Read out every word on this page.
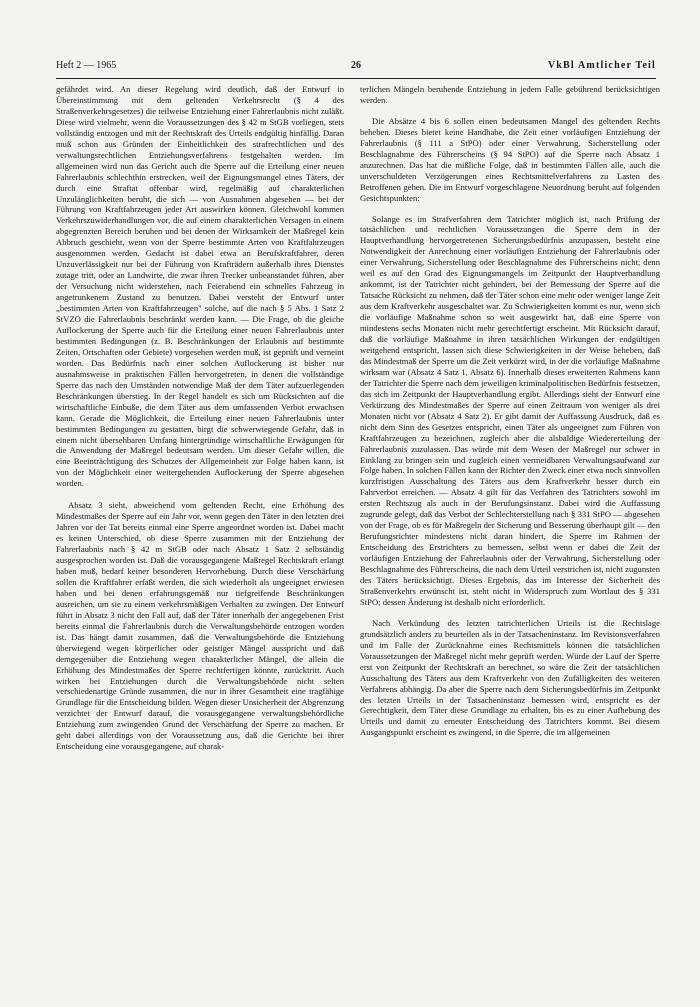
Heft 2 — 1965	26	VkBl Amtlicher Teil

gefährdet wird. An dieser Regelung wird deutlich, daß der Entwurf in Übereinstimmung mit dem geltenden Verkehrsrecht (§ 4 des Straßenverkehrsgesetzes) die teilweise Entziehung einer Fahrerlaubnis nicht zuläßt. Diese wird vielmehr, wenn die Voraussetzungen des § 42 m StGB vorliegen, stets vollständig entzogen und mit der Rechtskraft des Urteils endgültig hinfällig. Daran muß schon aus Gründen der Einheitlichkeit des strafrechtlichen und des verwaltungsrechtlichen Entziehungsverfahrens festgehalten werden. Im allgemeinen wird nun das Gericht auch die Sperre auf die Erteilung einer neuen Fahrerlaubnis schlechthin erstrecken, weil der Eignungsmangel eines Täters, der durch eine Straftat offenbar wird, regelmäßig auf charakterlichen Unzulänglichkeiten beruht, die sich — von Ausnahmen abgesehen — bei der Führung von Kraftfahrzeugen jeder Art auswirken können. Gleichwohl kommen Verkehrszuwiderhandlungen vor, die auf einem charakterlichen Versagen in einem abgegrenzten Bereich beruhen und bei denen der Wirksamkeit der Maßregel kein Abbruch geschieht, wenn von der Sperre bestimmte Arten von Kraftfahrzeugen ausgenommen werden. Gedacht ist dabei etwa an Berufskraftfahrer, deren Unzuverlässigkeit nur bei der Führung von Krafträdern außerhalb ihres Dienstes zutage tritt, oder an Landwirte, die zwar ihren Trecker unbeanstandet führen, aber der Versuchung nicht widerstehen, nach Feierabend ein schnelles Fahrzeug in angetrunkenem Zustand zu benutzen. Dabei versteht der Entwurf unter „bestimmten Arten von Kraftfahrzeugen" solche, auf die nach § 5 Abs. 1 Satz 2 StVZO die Fahrerlaubnis beschränkt werden kann. — Die Frage, ob die gleiche Auflockerung der Sperre auch für die Erteilung einer neuen Fahrerlaubnis unter bestimmten Bedingungen (z. B. Beschränkungen der Erlaubnis auf bestimmte Zeiten, Ortschaften oder Gebiete) vorgesehen werden muß, ist geprüft und verneint worden. Das Bedürfnis nach einer solchen Auflockerung ist bisher nur ausnahmsweise in praktischen Fällen hervorgetreten, in denen die vollständige Sperre das nach den Umständen notwendige Maß der dem Täter aufzuerlegenden Beschränkungen überstieg. In der Regel handelt es sich um Rücksichten auf die wirtschaftliche Einbuße, die dem Täter aus dem umfassenden Verbot erwachsen kann. Gerade die Möglichkeit, die Erteilung einer neuen Fahrerlaubnis unter bestimmten Bedingungen zu gestatten, birgt die schwerwiegende Gefahr, daß in einem nicht übersehbaren Umfang hintergründige wirtschaftliche Erwägungen für die Anwendung der Maßregel bedeutsam werden. Um dieser Gefahr willen, die eine Beeinträchtigung des Schutzes der Allgemeinheit zur Folge haben kann, ist von der Möglichkeit einer weitergehenden Auflockerung der Sperre abgesehen worden.

Absatz 3 sieht, abweichend vom geltenden Recht, eine Erhöhung des Mindestmaßes der Sperre auf ein Jahr vor, wenn gegen den Täter in den letzten drei Jahren vor der Tat bereits einmal eine Sperre angeordnet worden ist. Dabei macht es keinen Unterschied, ob diese Sperre zusammen mit der Entziehung der Fahrerlaubnis nach § 42 m StGB oder nach Absatz 1 Satz 2 selbständig ausgesprochen worden ist. Daß die vorausgegangene Maßregel Rechtskraft erlangt haben muß, bedarf keiner besonderen Hervorhebung. Durch diese Verschärfung sollen die Kraftfahrer erfaßt werden, die sich wiederholt als ungeeignet erwiesen haben und bei denen erfahrungsgemäß nur tiefgreifende Beschränkungen ausreichen, um sie zu einem verkehrsmäßigen Verhalten zu zwingen. Der Entwurf führt in Absatz 3 nicht den Fall auf, daß der Täter innerhalb der angegebenen Frist bereits einmal die Fahrerlaubnis durch die Verwaltungsbehörde entzogen worden ist. Das hängt damit zusammen, daß die Verwaltungsbehörde die Entziehung überwiegend wegen körperlicher oder geistiger Mängel ausspricht und daß demgegenüber die Entziehung wegen charakterlicher Mängel, die allein die Erhöhung des Mindestmaßes der Sperre rechtfertigen könnte, zurücktritt. Auch wirken bei Entziehungen durch die Verwaltungsbehörde nicht selten verschiedenartige Gründe zusammen, die nur in ihrer Gesamtheit eine tragfähige Grundlage für die Entscheidung bilden. Wegen dieser Unsicherheit der Abgrenzung verzichtet der Entwurf darauf, die vorausgegangene verwaltungsbehördliche Entziehung zum zwingenden Grund der Verschärfung der Sperre zu machen. Er geht dabei allerdings von der Voraussetzung aus, daß die Gerichte bei ihrer Entscheidung eine vorausgegangene, auf charak-

terlichen Mängeln beruhende Entziehung in jedem Falle gebührend berücksichtigen werden.

Die Absätze 4 bis 6 sollen einen bedeutsamen Mangel des geltenden Rechts beheben. Dieses bietet keine Handhabe, die Zeit einer vorläufigen Entziehung der Fahrerlaubnis (§ 111 a StPO) oder einer Verwahrung, Sicherstellung oder Beschlagnahme des Führerscheins (§ 94 StPO) auf die Sperre nach Absatz 1 anzurechnen. Das hat die mißliche Folge, daß in bestimmten Fällen alle, auch die unverschuldeten Verzögerungen eines Rechtsmittelverfahrens zu Lasten des Betroffenen gehen. Die im Entwurf vorgeschlagene Neuordnung beruht auf folgenden Gesichtspunkten:

Solange es im Strafverfahren dem Tatrichter möglich ist, nach Prüfung der tatsächlichen und rechtlichen Voraussetzungen die Sperre dem in der Hauptverhandlung hervorgetretenen Sicherungsbedürfnis anzupassen, besteht eine Notwendigkeit der Anrechnung einer vorläufigen Entziehung der Fahrerlaubnis oder einer Verwahrung, Sicherstellung oder Beschlagnahme des Führerscheins nicht; denn weil es auf den Grad des Eignungsmangels im Zeitpunkt der Hauptverhandlung ankommt, ist der Tatrichter nicht gehindert, bei der Bemessung der Sperre auf die Tatsache Rücksicht zu nehmen, daß der Täter schon eine mehr oder weniger lange Zeit aus dem Kraftverkehr ausgeschaltet war. Zu Schwierigkeiten kommt es nur, wenn sich die vorläufige Maßnahme schon so weit ausgewirkt hat, daß eine Sperre von mindestens sechs Monaten nicht mehr gerechtfertigt erscheint. Mit Rücksicht darauf, daß die vorläufige Maßnahme in ihren tatsächlichen Wirkungen der endgültigen weitgehend entspricht, lassen sich diese Schwierigkeiten in der Weise beheben, daß das Mindestmaß der Sperre um die Zeit verkürzt wird, in der die vorläufige Maßnahme wirksam war (Absatz 4 Satz 1, Absatz 6). Innerhalb dieses erweiterten Rahmens kann der Tatrichter die Sperre nach dem jeweiligen kriminalpolitischen Bedürfnis festsetzen, das sich im Zeitpunkt der Hauptverhandlung ergibt. Allerdings sieht der Entwurf eine Verkürzung des Mindestmaßes der Sperre auf einen Zeitraum von weniger als drei Monaten nicht vor (Absatz 4 Satz 2). Er gibt damit der Auffassung Ausdruck, daß es nicht dem Sinn des Gesetzes entspricht, einen Täter als ungeeignet zum Führen von Kraftfahrzeugen zu bezeichnen, zugleich aber die alsbaldige Wiedererteilung der Fahrerlaubnis zuzulassen. Das würde mit dem Wesen der Maßregel nur schwer in Einklang zu bringen sein und zugleich einen vermeidbaren Verwaltungsaufwand zur Folge haben. In solchen Fällen kann der Richter den Zweck einer etwa noch sinnvollen kurzfristigen Ausschaltung des Täters aus dem Kraftverkehr besser durch ein Fahrverbot erreichen. — Absatz 4 gilt für das Verfahren des Tatrichters sowohl im ersten Rechtszug als auch in der Berufungsinstanz. Dabei wird die Auffassung zugrunde gelegt, daß das Verbot der Schlechterstellung nach § 331 StPO — abgesehen von der Frage, ob es für Maßregeln der Sicherung und Besserung überhaupt gilt — den Berufungsrichter mindestens nicht daran hindert, die Sperre im Rahmen der Entscheidung des Erstrichters zu bemessen, selbst wenn er dabei die Zeit der vorläufigen Entziehung der Fahrerlaubnis oder der Verwahrung, Sicherstellung oder Beschlagnahme des Führerscheins, die nach dem Urteil verstrichen ist, nicht zugunsten des Täters berücksichtigt. Dieses Ergebnis, das im Interesse der Sicherheit des Straßenverkehrs erwünscht ist, steht nicht in Widerspruch zum Wortlaut des § 331 StPO; dessen Änderung ist deshalb nicht erforderlich.

Nach Verkündung des letzten tatrichterlichen Urteils ist die Rechtslage grundsätzlich anders zu beurteilen als in der Tatsacheninstanz. Im Revisionsverfahren und im Falle der Zurücknahme eines Rechtsmittels können die tatsächlichen Voraussetzungen der Maßregel nicht mehr geprüft werden. Würde der Lauf der Sperre erst von Zeitpunkt der Rechtskraft an berechnet, so wäre die Zeit der tatsächlichen Ausschaltung des Täters aus dem Kraftverkehr von den Zufälligkeiten des weiteren Verfahrens abhängig. Da aber die Sperre nach dem Sicherungsbedürfnis im Zeitpunkt des letzten Urteils in der Tatsacheninstanz bemessen wird, entspricht es der Gerechtigkeit, dem Täter diese Grundlage zu erhalten, bis es zu einer Aufhebung des Urteils und damit zu erneuter Entscheidung des Tatrichters kommt. Bei diesem Ausgangspunkt erscheint es zwingend, in die Sperre, die im allgemeinen
